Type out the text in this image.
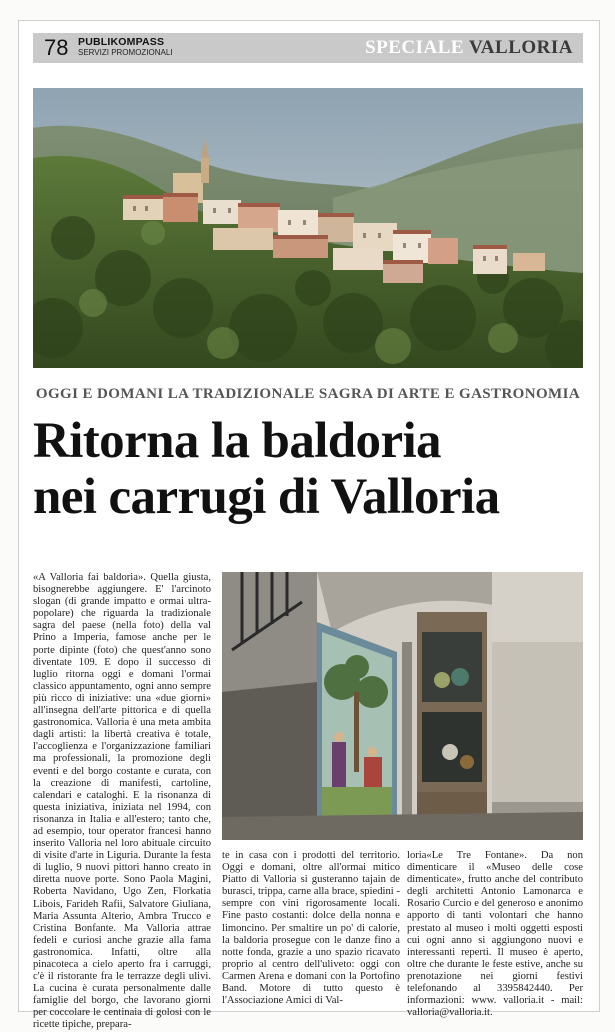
78 PUBLIKOMPASS
SERVIZI PROMOZIONALI	SPECIALE VALLORIA
OGGI E DOMANI LA TRADIZIONALE SAGRA DI ARTE E GASTRONOMIA
Ritorna la baldoria
nei carrugi di Valloria
«A Valloria fai baldoria». Quella giusta, bisognerebbe aggiungere. E' l'arcinoto slogan (di grande impatto e ormai ultra-popolare) che riguarda la tradizionale sagra del paese (nella foto) della val Prino a Imperia, famose anche per le porte dipinte (foto) che quest'anno sono diventate 109. E dopo il successo di luglio ritorna oggi e domani l'ormai classico appuntamento, ogni anno sempre più ricco di iniziative: una «due giorni» all'insegna dell'arte pittorica e di quella gastronomica. Valloria è una meta ambita dagli artisti: la libertà creativa è totale, l'accoglienza e l'organizzazione familiari ma professionali, la promozione degli eventi e del borgo costante e curata, con la creazione di manifesti, cartoline, calendari e cataloghi. E la risonanza di questa iniziativa, iniziata nel 1994, con risonanza in Italia e all'estero; tanto che, ad esempio, tour operator francesi hanno inserito Valloria nel loro abituale circuito di visite d'arte in Liguria. Durante la festa di luglio, 9 nuovi pittori hanno creato in diretta nuove porte. Sono Paola Magini, Roberta Navidano, Ugo Zen, Florkatia Libois, Farideh Rafii, Salvatore Giuliana, Maria Assunta Alterio, Ambra Trucco e Cristina Bonfante. Ma Valloria attrae fedeli e curiosi anche grazie alla fama gastronomica. Infatti, oltre alla pinacoteca a cielo aperto fra i carruggi, c'è il ristorante fra le terrazze degli ulivi. La cucina è curata personalmente dalle famiglie del borgo, che lavorano giorni per coccolare le centinaia di golosi con le ricette tipiche, prepara-
te in casa con i prodotti del territorio. Oggi e domani, oltre all'ormai mitico Piatto di Valloria si gusteranno tajain de burasci, trippa, carne alla brace, spiedini - sempre con vini rigorosamente locali. Fine pasto costanti: dolce della nonna e limoncino. Per smaltire un po' di calorie, la baldoria prosegue con le danze fino a notte fonda, grazie a uno spazio ricavato proprio al centro dell'uliveto: oggi con Carmen Arena e domani con la Portofino Band. Motore di tutto questo è l'Associazione Amici di Val-
loria«Le Tre Fontane». Da non dimenticare il «Museo delle cose dimenticate», frutto anche del contributo degli architetti Antonio Lamonarca e Rosario Curcio e del generoso e anonimo apporto di tanti volontari che hanno prestato al museo i molti oggetti esposti cui ogni anno si aggiungono nuovi e interessanti reperti. Il museo è aperto, oltre che durante le feste estive, anche su prenotazione nei giorni festivi telefonando al 3395842440. Per informazioni: www. valloria.it - mail: valloria@valloria.it.
